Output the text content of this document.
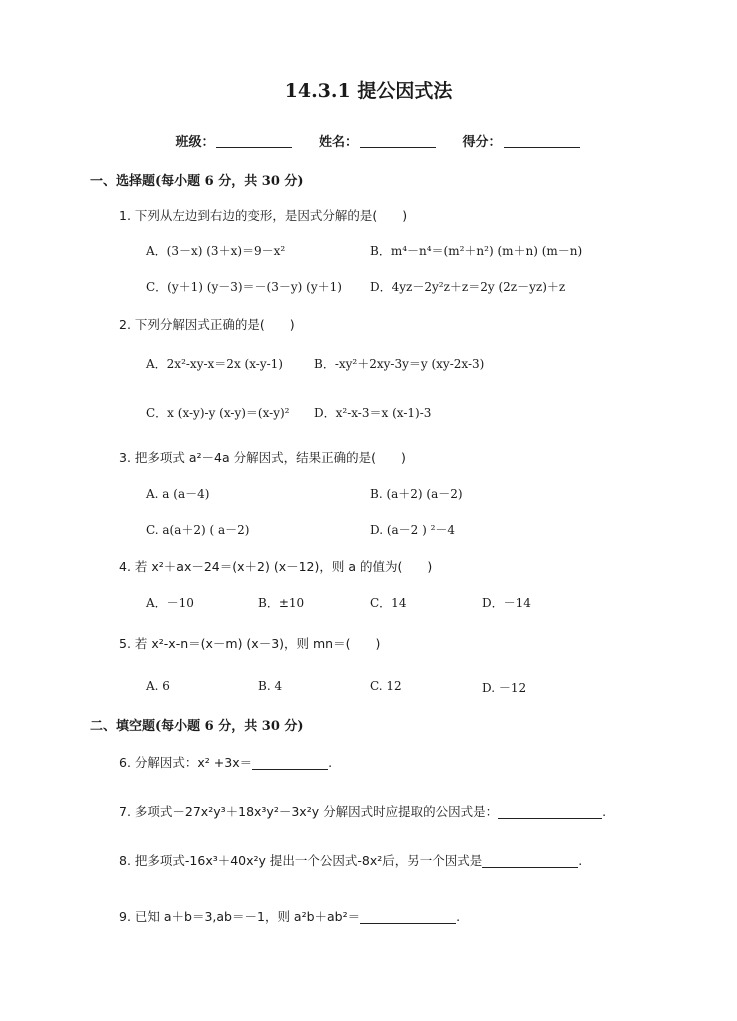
14.3.1 提公因式法
班级：	姓名：	得分：
一、选择题(每小题 6 分，共 30 分)
1. 下列从左边到右边的变形，是因式分解的是(　　)
A．(3－x) (3＋x)＝9－x²	B．m⁴－n⁴＝(m²＋n²) (m＋n) (m－n)
C．(y＋1) (y－3)＝－(3－y) (y＋1) D．4yz－2y²z＋z＝2y (2z－yz)＋z
2. 下列分解因式正确的是(　　)
A．2x²-xy-x＝2x (x-y-1)	B．-xy²＋2xy-3y＝y (xy-2x-3)
C．x (x-y)-y (x-y)＝(x-y)² D．x²-x-3＝x (x-1)-3
3. 把多项式 a²－4a 分解因式，结果正确的是(　　)
A. a (a－4)	B. (a＋2) (a－2)
C. a(a＋2) ( a－2)	D. (a－2 ) ²－4
4. 若 x²＋ax－24＝(x＋2) (x－12)，则 a 的值为(　　)
A．－10	B．±10	C．14	D．－14
5. 若 x²-x-n＝(x－m) (x－3)，则 mn＝(　　)
A. 6	B. 4	C. 12	D. －12
二、填空题(每小题 6 分，共 30 分)
6. 分解因式：x² +3x＝	.
7. 多项式－27x²y³＋18x³y²－3x²y 分解因式时应提取的公因式是：	.
8. 把多项式-16x³＋40x²y 提出一个公因式-8x²后，另一个因式是	.
9. 已知 a＋b＝3,ab＝－1，则 a²b＋ab²＝	.
